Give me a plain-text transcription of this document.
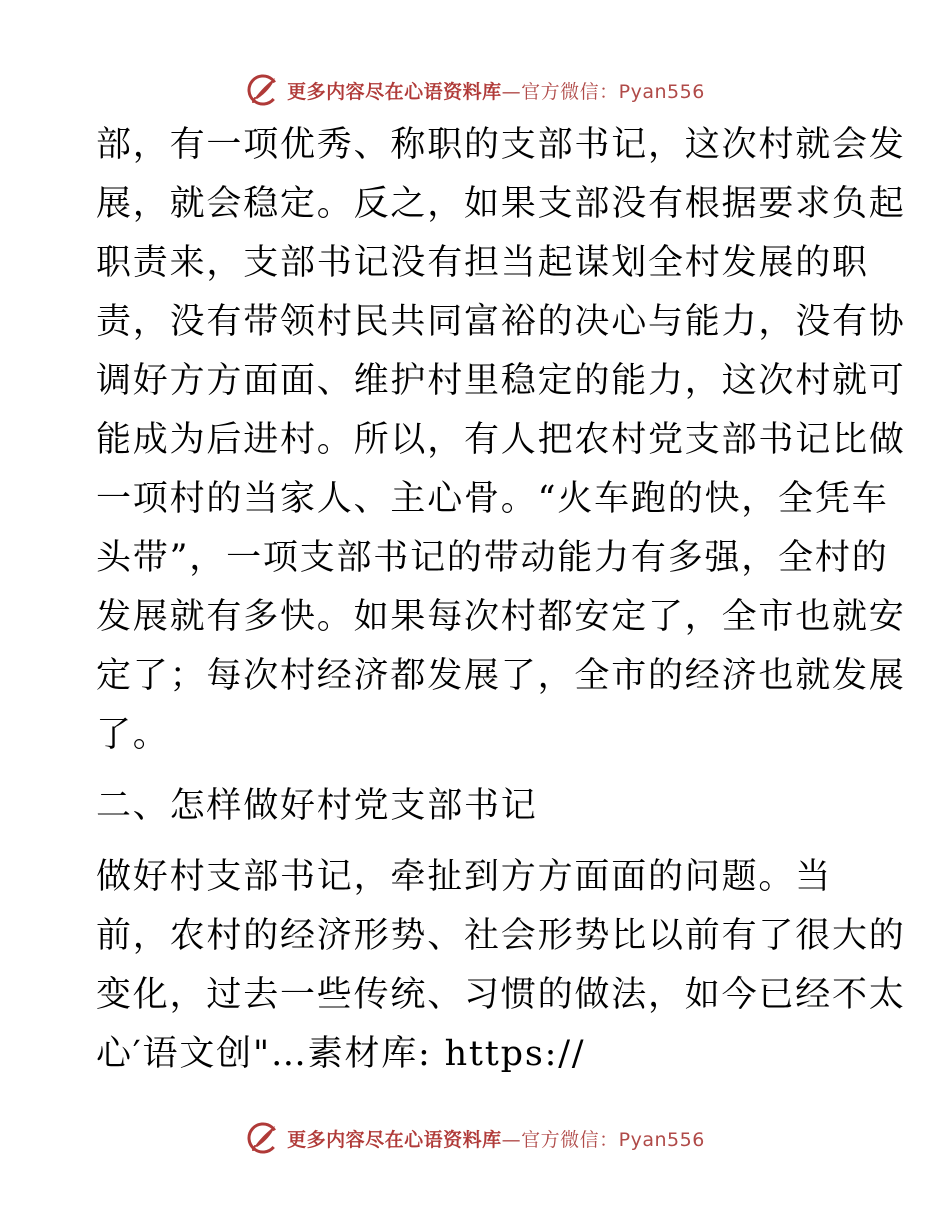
更多内容尽在心语资料库—官方微信：Pyan556
部，有一项优秀、称职的支部书记，这次村就会发
展，就会稳定。反之，如果支部没有根据要求负起
职责来，支部书记没有担当起谋划全村发展的职
责，没有带领村民共同富裕的决心与能力，没有协
调好方方面面、维护村里稳定的能力，这次村就可
能成为后进村。所以，有人把农村党支部书记比做
一项村的当家人、主心骨。“火车跑的快，全凭车
头带”，一项支部书记的带动能力有多强，全村的
发展就有多快。如果每次村都安定了，全市也就安
定了；每次村经济都发展了，全市的经济也就发展
了。
二、怎样做好村党支部书记
做好村支部书记，牵扯到方方面面的问题。当
前，农村的经济形势、社会形势比以前有了很大的
变化，过去一些传统、习惯的做法，如今已经不太
心′语文创"…素材库: https://
更多内容尽在心语资料库—官方微信：Pyan556
